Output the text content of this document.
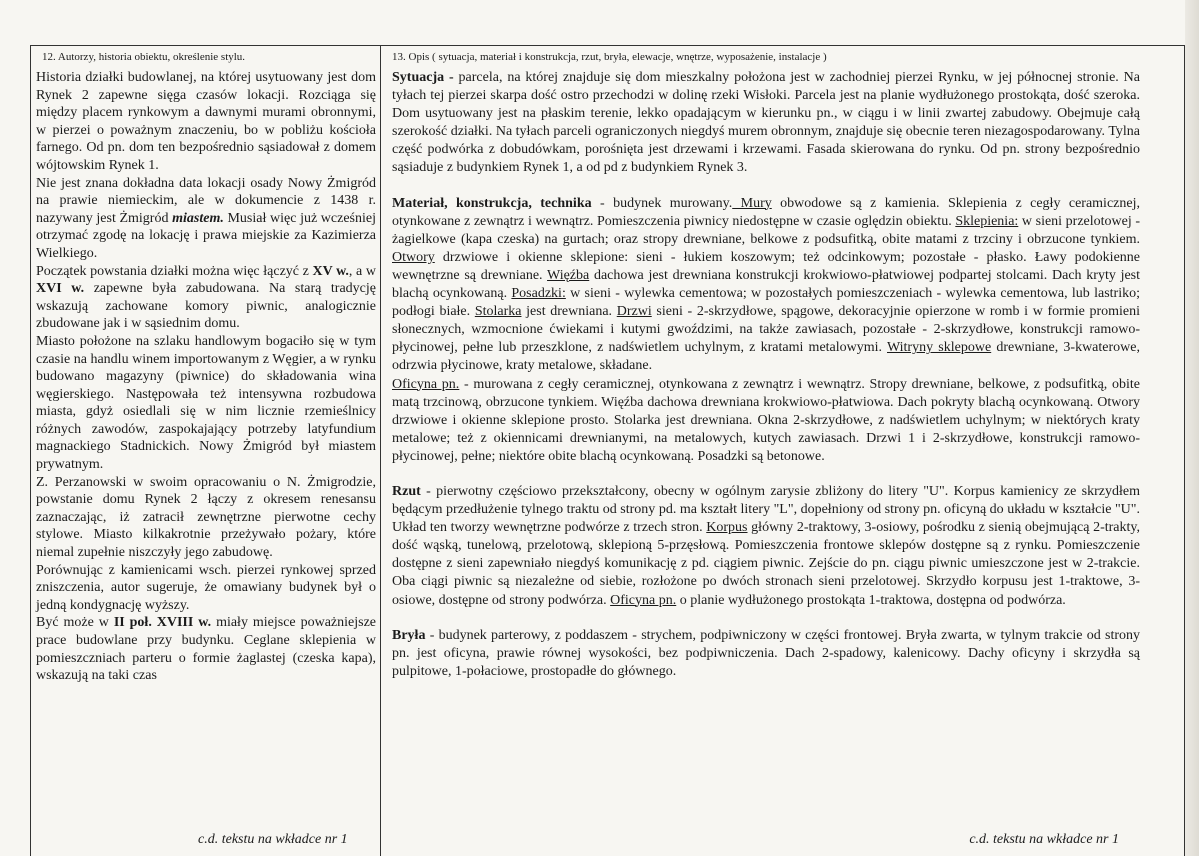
12. Autorzy, historia obiektu, określenie stylu.

Historia działki budowlanej, na której usytuowany jest dom Rynek 2 zapewne sięga czasów lokacji. Rozciąga się między placem rynkowym a dawnymi murami obronnymi, w pierzei o poważnym znaczeniu, bo w pobliżu kościoła farnego. Od pn. dom ten bezpośrednio sąsiadował z domem wójtowskim Rynek 1.

Nie jest znana dokładna data lokacji osady Nowy Żmigród na prawie niemieckim, ale w dokumencie z 1438 r. nazywany jest Żmigród miastem. Musiał więc już wcześniej otrzymać zgodę na lokację i prawa miejskie za Kazimierza Wielkiego.

Początek powstania działki można więc łączyć z XV w., a w XVI w. zapewne była zabudowana. Na starą tradycję wskazują zachowane komory piwnic, analogicznie zbudowane jak i w sąsiednim domu.

Miasto położone na szlaku handlowym bogaciło się w tym czasie na handlu winem importowanym z Węgier, a w rynku budowano magazyny (piwnice) do składowania wina węgierskiego. Następowała też intensywna rozbudowa miasta, gdyż osiedlali się w nim licznie rzemieślnicy różnych zawodów, zaspokajający potrzeby latyfundium magnackiego Stadnickich. Nowy Żmigród był miastem prywatnym.

Z. Perzanowski w swoim opracowaniu o N. Żmigrodzie, powstanie domu Rynek 2 łączy z okresem renesansu zaznaczając, iż zatracił zewnętrzne pierwotne cechy stylowe. Miasto kilkakrotnie przeżywało pożary, które niemal zupełnie niszczyły jego zabudowę.

Porównując z kamienicami wsch. pierzei rynkowej sprzed zniszczenia, autor sugeruje, że omawiany budynek był o jedną kondygnację wyższy.

Być może w II poł. XVIII w. miały miejsce poważniejsze prace budowlane przy budynku. Ceglane sklepienia w pomieszczniach parteru o formie żaglastej (czeska kapa), wskazują na taki czas

13. Opis ( sytuacja, materiał i konstrukcja, rzut, bryła, elewacje, wnętrze, wyposażenie, instalacje )

Sytuacja - parcela, na której znajduje się dom mieszkalny położona jest w zachodniej pierzei Rynku, w jej północnej stronie. Na tyłach tej pierzei skarpa dość ostro przechodzi w dolinę rzeki Wisłoki. Parcela jest na planie wydłużonego prostokąta, dość szeroka. Dom usytuowany jest na płaskim terenie, lekko opadającym w kierunku pn., w ciągu i w linii zwartej zabudowy. Obejmuje całą szerokość działki. Na tyłach parceli ograniczonych niegdyś murem obronnym, znajduje się obecnie teren niezagospodarowany. Tylna część podwórka z dobudówkam, porośnięta jest drzewami i krzewami. Fasada skierowana do rynku. Od pn. strony bezpośrednio sąsiaduje z budynkiem Rynek 1, a od pd z budynkiem Rynek 3.

Materiał, konstrukcja, technika - budynek murowany. Mury obwodowe są z kamienia. Sklepienia z cegły ceramicznej, otynkowane z zewnątrz i wewnątrz. Pomieszczenia piwnicy niedostępne w czasie oględzin obiektu. Sklepienia: w sieni przelotowej - żagielkowe (kapa czeska) na gurtach; oraz stropy drewniane, belkowe z podsufitką, obite matami z trzciny i obrzucone tynkiem. Otwory drzwiowe i okienne sklepione: sieni - łukiem koszowym; też odcinkowym; pozostałe - płasko. Ławy podokienne wewnętrzne są drewniane. Więźba dachowa jest drewniana konstrukcji krokwiowo-płatwiowej podpartej stolcami. Dach kryty jest blachą ocynkowaną. Posadzki: w sieni - wylewka cementowa; w pozostałych pomieszczeniach - wylewka cementowa, lub lastriko; podłogi białe. Stolarka jest drewniana. Drzwi sieni - 2-skrzydłowe, spągowe, dekoracyjnie opierzone w romb i w formie promieni słonecznych, wzmocnione ćwiekami i kutymi gwoździmi, na także zawiasach, pozostałe - 2-skrzydłowe, konstrukcji ramowo-płycinowej, pełne lub przeszklone, z nadświetlem uchylnym, z kratami metalowymi. Witryny sklepowe drewniane, 3-kwaterowe, odrzwia płycinowe, kraty metalowe, składane.

Oficyna pn. - murowana z cegły ceramicznej, otynkowana z zewnątrz i wewnątrz. Stropy drewniane, belkowe, z podsufitką, obite matą trzcinową, obrzucone tynkiem. Więźba dachowa drewniana krokwiowo-płatwiowa. Dach pokryty blachą ocynkowaną. Otwory drzwiowe i okienne sklepione prosto. Stolarka jest drewniana. Okna 2-skrzydłowe, z nadświetlem uchylnym; w niektórych kraty metalowe; też z okiennicami drewnianymi, na metalowych, kutych zawiasach. Drzwi 1 i 2-skrzydłowe, konstrukcji ramowo-płycinowej, pełne; niektóre obite blachą ocynkowaną. Posadzki są betonowe.

Rzut - pierwotny częściowo przekształcony, obecny w ogólnym zarysie zbliżony do litery "U". Korpus kamienicy ze skrzydłem będącym przedłużenie tylnego traktu od strony pd. ma kształt litery "L", dopełniony od strony pn. oficyną do układu w kształcie "U". Układ ten tworzy wewnętrzne podwórze z trzech stron. Korpus główny 2-traktowy, 3-osiowy, pośrodku z sienią obejmującą 2-trakty, dość wąską, tunelową, przelotową, sklepioną 5-przęsłową. Pomieszczenia frontowe sklepów dostępne są z rynku. Pomieszczenie dostępne z sieni zapewniało niegdyś komunikację z pd. ciągiem piwnic. Zejście do pn. ciągu piwnic umieszczone jest w 2-trakcie. Oba ciągi piwnic są niezależne od siebie, rozłożone po dwóch stronach sieni przelotowej. Skrzydło korpusu jest 1-traktowe, 3-osiowe, dostępne od strony podwórza. Oficyna pn. o planie wydłużonego prostokąta 1-traktowa, dostępna od podwórza.

Bryła - budynek parterowy, z poddaszem - strychem, podpiwniczony w części frontowej. Bryła zwarta, w tylnym trakcie od strony pn. jest oficyna, prawie równej wysokości, bez podpiwniczenia. Dach 2-spadowy, kalenicowy. Dachy oficyny i skrzydła są pulpitowe, 1-połaciowe, prostopadłe do głównego.

c.d. tekstu na wkładce nr 1	c.d. tekstu na wkładce nr 1
